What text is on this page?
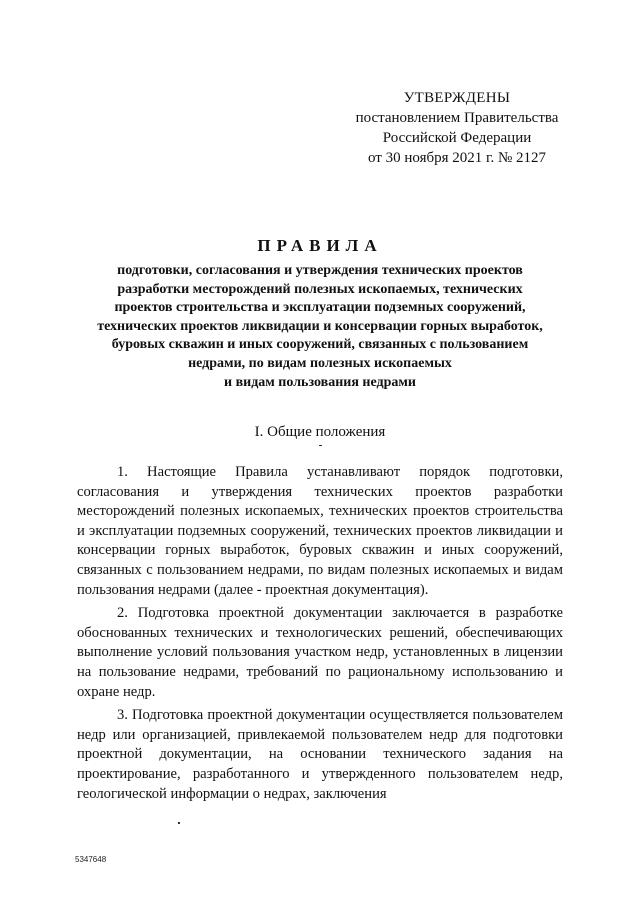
УТВЕРЖДЕНЫ
постановлением Правительства
Российской Федерации
от 30 ноября 2021 г. № 2127
ПРАВИЛА
подготовки, согласования и утверждения технических проектов
разработки месторождений полезных ископаемых, технических
проектов строительства и эксплуатации подземных сооружений,
технических проектов ликвидации и консервации горных выработок,
буровых скважин и иных сооружений, связанных с пользованием
недрами, по видам полезных ископаемых
и видам пользования недрами
I. Общие положения

1. Настоящие Правила устанавливают порядок подготовки, согласования и утверждения технических проектов разработки месторождений полезных ископаемых, технических проектов строительства и эксплуатации подземных сооружений, технических проектов ликвидации и консервации горных выработок, буровых скважин и иных сооружений, связанных с пользованием недрами, по видам полезных ископаемых и видам пользования недрами (далее - проектная документация).

2. Подготовка проектной документации заключается в разработке обоснованных технических и технологических решений, обеспечивающих выполнение условий пользования участком недр, установленных в лицензии на пользование недрами, требований по рациональному использованию и охране недр.

3. Подготовка проектной документации осуществляется пользователем недр или организацией, привлекаемой пользователем недр для подготовки проектной документации, на основании технического задания на проектирование, разработанного и утвержденного пользователем недр, геологической информации о недрах, заключения

5347648
